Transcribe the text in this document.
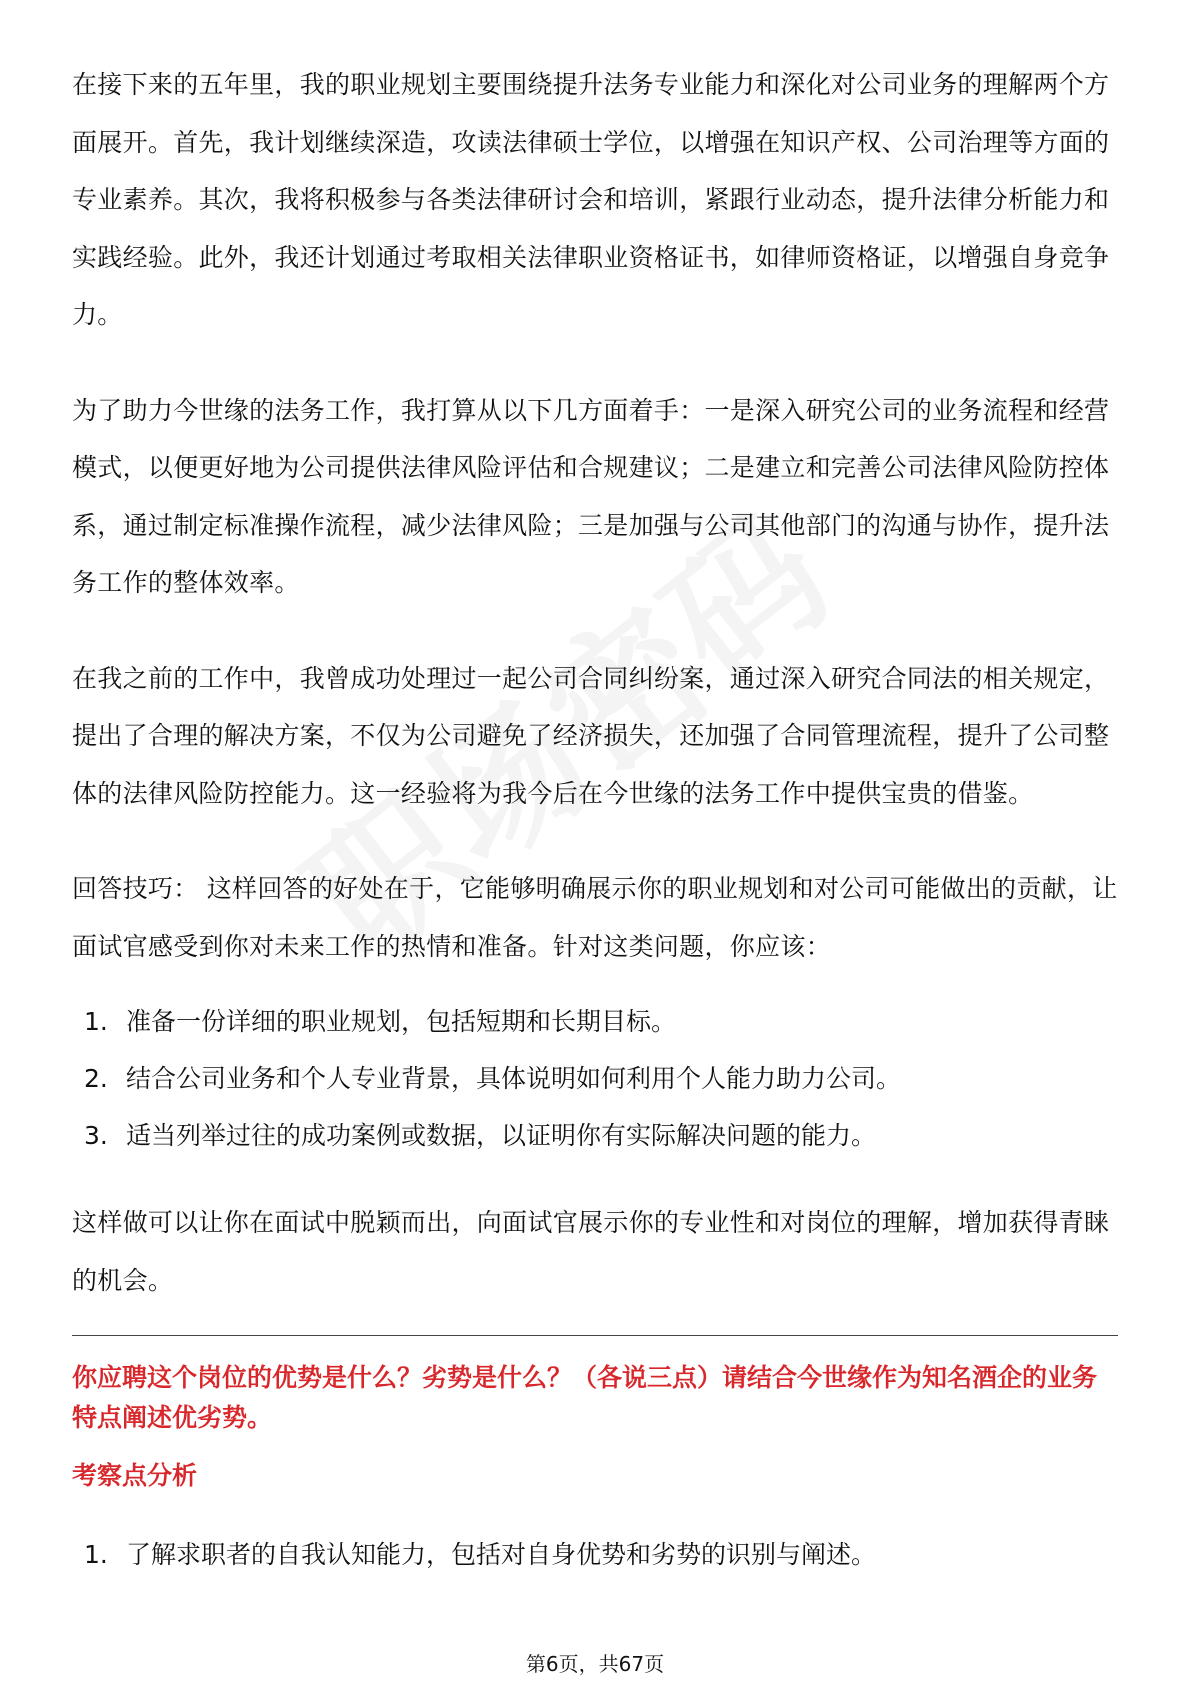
在接下来的五年里，我的职业规划主要围绕提升法务专业能力和深化对公司业务的理解两个方面展开。首先，我计划继续深造，攻读法律硕士学位，以增强在知识产权、公司治理等方面的专业素养。其次，我将积极参与各类法律研讨会和培训，紧跟行业动态，提升法律分析能力和实践经验。此外，我还计划通过考取相关法律职业资格证书，如律师资格证，以增强自身竞争力。

为了助力今世缘的法务工作，我打算从以下几方面着手：一是深入研究公司的业务流程和经营模式，以便更好地为公司提供法律风险评估和合规建议；二是建立和完善公司法律风险防控体系，通过制定标准操作流程，减少法律风险；三是加强与公司其他部门的沟通与协作，提升法务工作的整体效率。

在我之前的工作中，我曾成功处理过一起公司合同纠纷案，通过深入研究合同法的相关规定，提出了合理的解决方案，不仅为公司避免了经济损失，还加强了合同管理流程，提升了公司整体的法律风险防控能力。这一经验将为我今后在今世缘的法务工作中提供宝贵的借鉴。

回答技巧： 这样回答的好处在于，它能够明确展示你的职业规划和对公司可能做出的贡献，让面试官感受到你对未来工作的热情和准备。针对这类问题，你应该：

1. 准备一份详细的职业规划，包括短期和长期目标。
2. 结合公司业务和个人专业背景，具体说明如何利用个人能力助力公司。
3. 适当列举过往的成功案例或数据，以证明你有实际解决问题的能力。

这样做可以让你在面试中脱颖而出，向面试官展示你的专业性和对岗位的理解，增加获得青睐的机会。

你应聘这个岗位的优势是什么？劣势是什么？（各说三点）请结合今世缘作为知名酒企的业务特点阐述优劣势。
考察点分析
1. 了解求职者的自我认知能力，包括对自身优势和劣势的识别与阐述。
第6页，共67页
